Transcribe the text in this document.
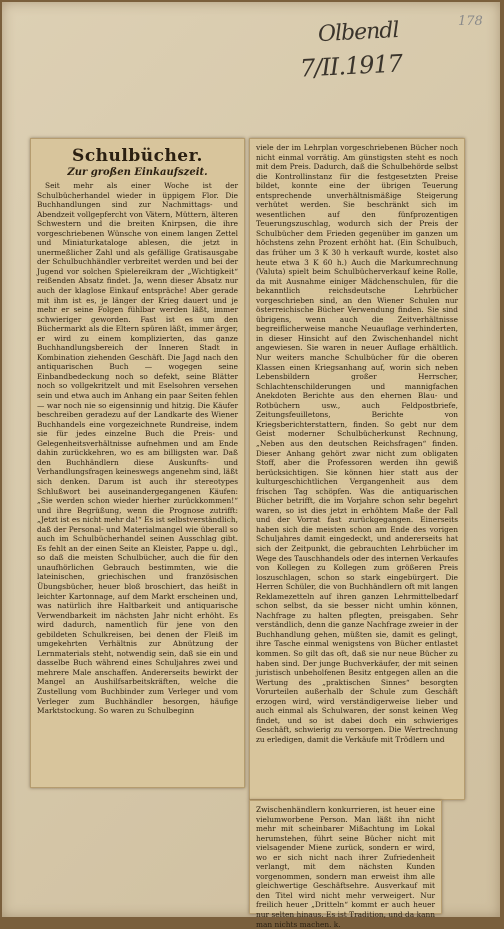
Olbendl
7/II.1917
178
Schulbücher.
Zur großen Einkaufszeit.

Seit mehr als einer Woche ist der Schulbücherhandel wieder in üppigem Flor. Die Buchhandlungen sind zur Nachmittags- und Abendzeit vollgepfercht von Vätern, Müttern, älteren Schwestern und die breiten Knirpsen, die ihre vorgeschriebenen Wünsche von einem langen Zettel und Miniaturkataloge ablesen, die jetzt in unermeßlicher Zahl und als gefällige Gratisausgabe der Schulbuchhändler verbreitet werden und bei der Jugend vor solchen Spielereikram der „Wichtigkeit“ reißenden Absatz findet. Ja, wenn dieser Absatz nur auch der klaglose Einkauf entspräche! Aber gerade mit ihm ist es, je länger der Krieg dauert und je mehr er seine Folgen fühlbar werden läßt, immer schwieriger geworden. Fast ist es um den Büchermarkt als die Eltern spüren läßt, immer ärger, er wird zu einem komplizierten, das ganze Buchhandlungsbereich der Inneren Stadt in Kombination ziehenden Geschäft. Die Jagd nach den antiquarischen Buch — wogegen seine Einbandbedeckung noch so defekt, seine Blätter noch so vollgekritzelt und mit Eselsohren versehen sein und etwa auch im Anhang ein paar Seiten fehlen — war noch nie so eigensinnig und hitzig. Die Käufer beschreiben geradezu auf der Landkarte des Wiener Buchhandels eine vorgezeichnete Rundreise, indem sie für jedes einzelne Buch die Preis- und Gelegenheitsverhältnisse aufnehmen und am Ende dahin zurückkehren, wo es am billigsten war. Daß den Buchhändlern diese Auskunfts- und Verhandlungsfragen keineswegs angenehm sind, läßt sich denken. Darum ist auch ihr stereotypes Schlußwort bei auseinandergegangenen Käufen: „Sie werden schon wieder hierher zurückkommen!“ und ihre Begrüßung, wenn die Prognose zutrifft: „Jetzt ist es nicht mehr da!“ Es ist selbstverständlich, daß der Personal- und Materialmangel wie überall so auch im Schulbücherhandel seinen Ausschlag gibt. Es fehlt an der einen Seite an Kleister, Pappe u. dgl., so daß die meisten Schulbücher, auch die für den unaufhörlichen Gebrauch bestimmten, wie die lateinischen, griechischen und französischen Übungsbücher, heuer bloß broschiert, das heißt in leichter Kartonnage, auf dem Markt erscheinen und, was natürlich ihre Haltbarkeit und antiquarische Verwendbarkeit im nächsten Jahr nicht erhöht. Es wird dadurch, namentlich für jene von den gebildeten Schulkreisen, bei denen der Fleiß im umgekehrten Verhältnis zur Abnützung der Lernmaterials steht, notwendig sein, daß sie ein und dasselbe Buch während eines Schuljahres zwei und mehrere Male anschaffen. Andererseits bewirkt der Mangel an Aushilfsarbeitskräften, welche die Zustellung vom Buchbinder zum Verleger und vom Verleger zum Buchhändler besorgen, häufige Marktstockung. So waren zu Schulbeginn

viele der im Lehrplan vorgeschriebenen Bücher noch nicht einmal vorrätig. Am günstigsten steht es noch mit dem Preis. Dadurch, daß die Schulbehörde selbst die Kontrollinstanz für die festgesetzten Preise bildet, konnte eine der übrigen Teuerung entsprechende unverhältnismäßige Steigerung verhütet werden. Sie beschränkt sich im wesentlichen auf den fünfprozentigen Teuerungszuschlag, wodurch sich der Preis der Schulbücher dem Frieden gegenüber im ganzen um höchstens zehn Prozent erhöht hat. (Ein Schulbuch, das früher um 3 K 30 h verkauft wurde, kostet also heute etwa 3 K 60 h.) Auch die Markumrechnung (Valuta) spielt beim Schulbücherverkauf keine Rolle, da mit Ausnahme einiger Mädchenschulen, für die bekanntlich reichsdeutsche Lehrbücher vorgeschrieben sind, an den Wiener Schulen nur österreichische Bücher Verwendung finden. Sie sind übrigens, wenn auch die Zeitverhältnisse begreiflicherweise manche Neuauflage verhinderten, in dieser Hinsicht auf den Zwischenhandel nicht angewiesen. Sie waren in neuer Auflage erhältlich. Nur weiters manche Schulbücher für die oberen Klassen einen Kriegsanhang auf, worin sich neben Lebensbildern großer Herrscher, Schlachtenschilderungen und mannigfachen Anekdoten Berichte aus den ehernen Blau- und Rotbüchern usw., auch Feldpostbriefe, Zeitungsfeuilletons, Berichte von Kriegsberichterstattern, finden. So gebt nur dem Geist moderner Schulbücherkunst Rechnung, „Neben aus den deutschen Reichsfragen“ finden. Dieser Anhang gehört zwar nicht zum obligaten Stoff, aber die Professoren werden ihn gewiß berücksichtigen. Sie können hier statt aus der kulturgeschichtlichen Vergangenheit aus dem frischen Tag schöpfen. Was die antiquarischen Bücher betrifft, die im Vorjahre schon sehr begehrt waren, so ist dies jetzt in erhöhtem Maße der Fall und der Vorrat fast zurückgegangen. Einerseits haben sich die meisten schon am Ende des vorigen Schuljahres damit eingedeckt, und andererseits hat sich der Zeitpunkt, die gebrauchten Lehrbücher im Wege des Tauschhandels oder des internen Verkaufes von Kollegen zu Kollegen zum größeren Preis loszuschlagen, schon so stark eingebürgert. Die Herren Schüler, die von Buchhändlern oft mit langen Reklamezetteln auf ihren ganzen Lehrmittelbedarf schon selbst, da sie besser nicht umhin können, Nachfrage zu halten pflegten, preisgaben. Sehr verständlich, denn die ganze Nachfrage zweier in der Buchhandlung gehen, müßten sie, damit es gelingt, ihre Tasche einmal wenigstens von Bücher entlastet kommen. So gilt das oft, daß sie nur neue Bücher zu haben sind. Der junge Buchverkäufer, der mit seinen juristisch unbeholfenen Besitz entgegen allen an die Wertung des „praktischen Sinnes“ besorgten Vorurteilen außerhalb der Schule zum Geschäft erzogen wird, wird verständigerweise lieber und auch einmal als Schulwaren, der sonst keinen Weg findet, und so ist dabei doch ein schwieriges Geschäft, schwierig zu versorgen. Die Wertrechnung zu erledigen, damit die Verkäufe mit Trödlern und

Zwischenhändlern konkurrieren, ist heuer eine vielumworbene Person. Man läßt ihn nicht mehr mit scheinbarer Mißachtung im Lokal herumstehen, führt seine Bücher nicht mit vielsagender Miene zurück, sondern er wird, wo er sich nicht nach ihrer Zufriedenheit verlangt, mit dem nächsten Kunden vorgenommen, sondern man erweist ihm alle gleichwertige Geschäftsehre. Ausverkauf mit den Titel wird nicht mehr verweigert. Nur freilich heuer „Dritteln“ kommt er auch heuer nur selten hinaus. Es ist Tradition, und da kann man nichts machen. k.
